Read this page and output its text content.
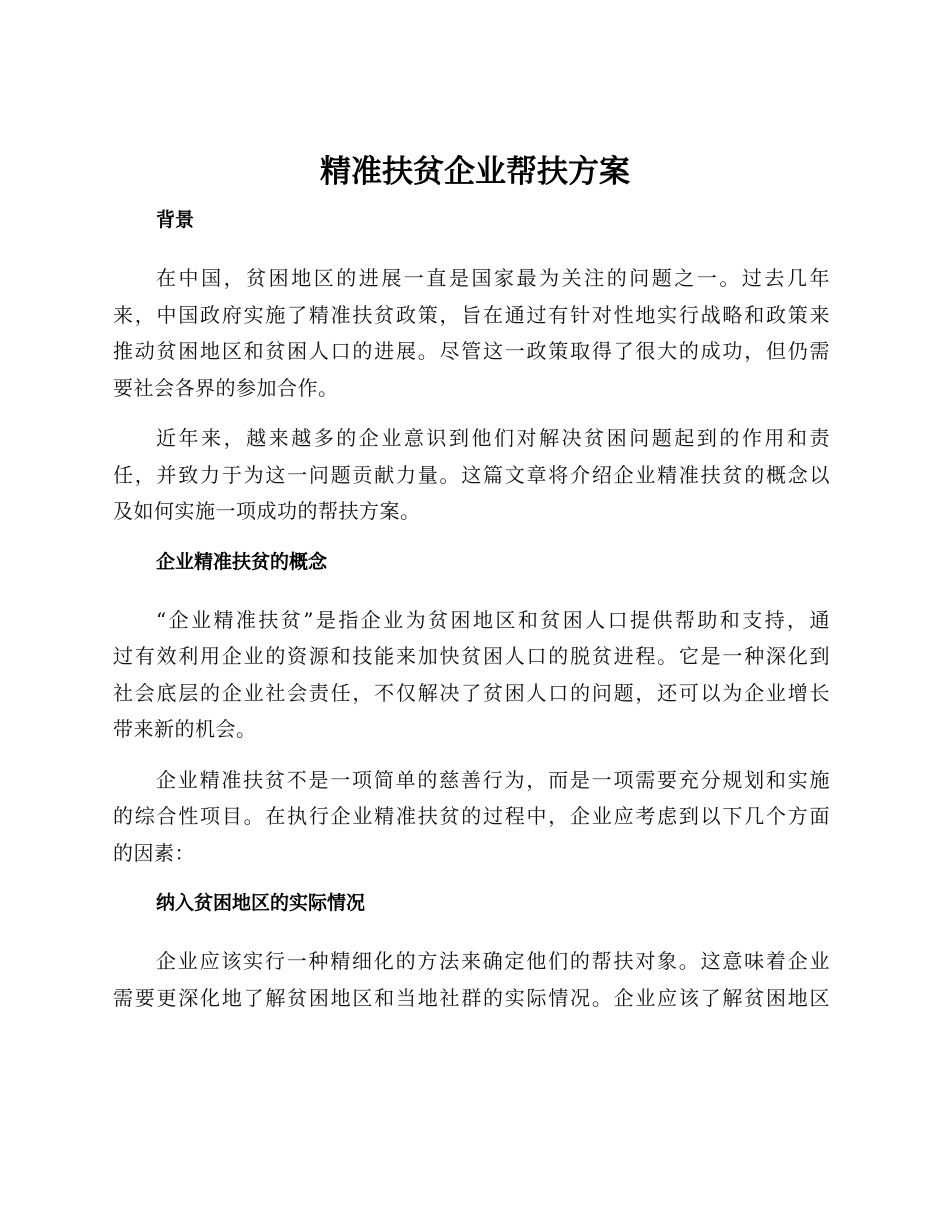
精准扶贫企业帮扶方案
背景
在中国，贫困地区的进展一直是国家最为关注的问题之一。过去几年
来，中国政府实施了精准扶贫政策，旨在通过有针对性地实行战略和政策来
推动贫困地区和贫困人口的进展。尽管这一政策取得了很大的成功，但仍需
要社会各界的参加合作。
近年来，越来越多的企业意识到他们对解决贫困问题起到的作用和责
任，并致力于为这一问题贡献力量。这篇文章将介绍企业精准扶贫的概念以
及如何实施一项成功的帮扶方案。
企业精准扶贫的概念
“企业精准扶贫”是指企业为贫困地区和贫困人口提供帮助和支持，通
过有效利用企业的资源和技能来加快贫困人口的脱贫进程。它是一种深化到
社会底层的企业社会责任，不仅解决了贫困人口的问题，还可以为企业增长
带来新的机会。
企业精准扶贫不是一项简单的慈善行为，而是一项需要充分规划和实施
的综合性项目。在执行企业精准扶贫的过程中，企业应考虑到以下几个方面
的因素：
纳入贫困地区的实际情况
企业应该实行一种精细化的方法来确定他们的帮扶对象。这意味着企业
需要更深化地了解贫困地区和当地社群的实际情况。企业应该了解贫困地区
